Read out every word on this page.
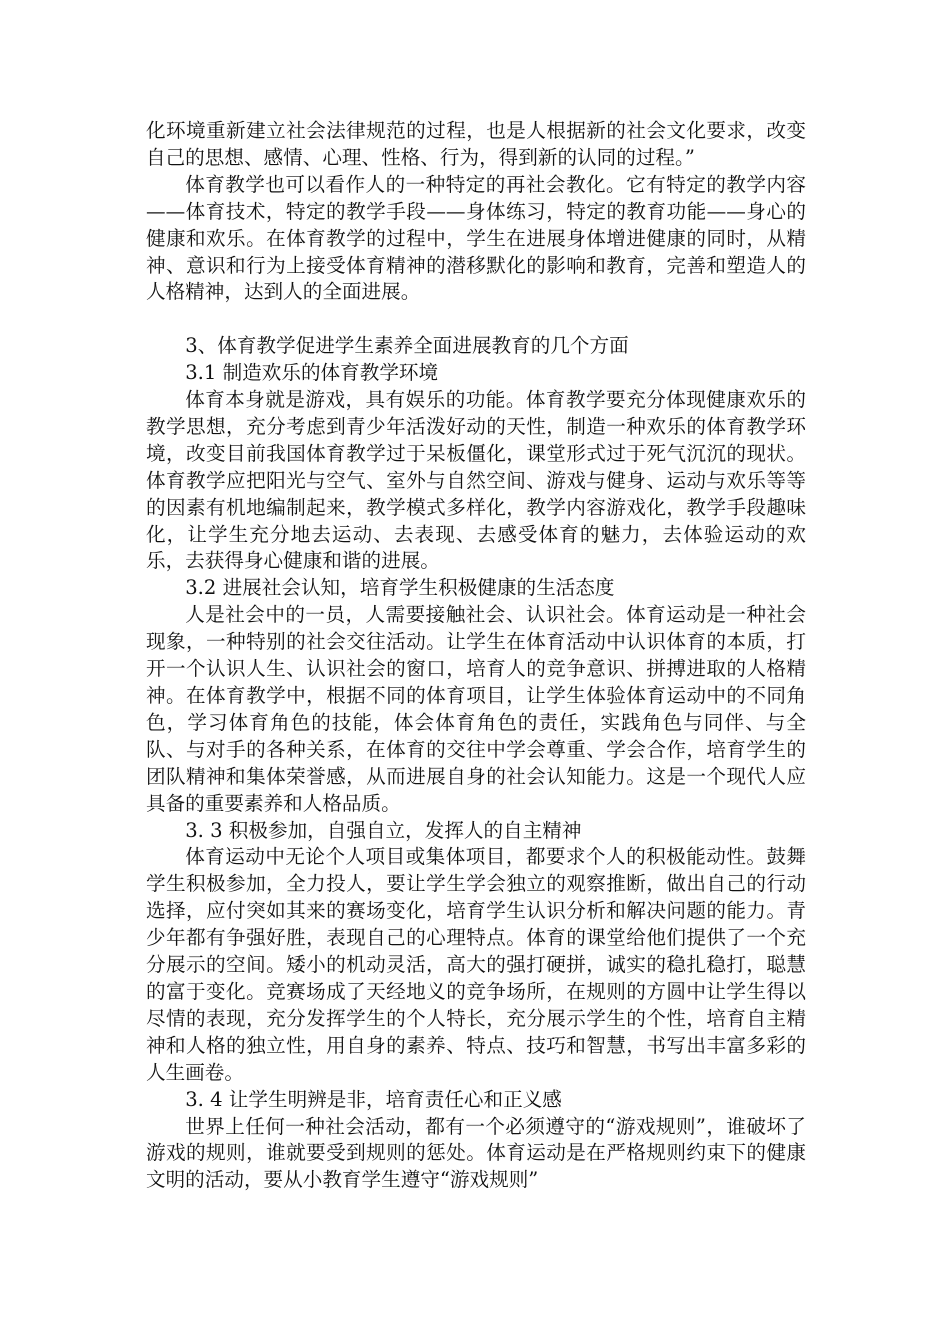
化环境重新建立社会法律规范的过程，也是人根据新的社会文化要求，改变自己的思想、感情、心理、性格、行为，得到新的认同的过程。”

体育教学也可以看作人的一种特定的再社会教化。它有特定的教学内容——体育技术，特定的教学手段——身体练习，特定的教育功能——身心的健康和欢乐。在体育教学的过程中，学生在进展身体增进健康的同时，从精神、意识和行为上接受体育精神的潜移默化的影响和教育，完善和塑造人的人格精神，达到人的全面进展。

3、体育教学促进学生素养全面进展教育的几个方面
3.1 制造欢乐的体育教学环境

体育本身就是游戏，具有娱乐的功能。体育教学要充分体现健康欢乐的教学思想，充分考虑到青少年活泼好动的天性，制造一种欢乐的体育教学环境，改变目前我国体育教学过于呆板僵化，课堂形式过于死气沉沉的现状。体育教学应把阳光与空气、室外与自然空间、游戏与健身、运动与欢乐等等的因素有机地编制起来，教学模式多样化，教学内容游戏化，教学手段趣味化，让学生充分地去运动、去表现、去感受体育的魅力，去体验运动的欢乐，去获得身心健康和谐的进展。

3.2 进展社会认知，培育学生积极健康的生活态度

人是社会中的一员，人需要接触社会、认识社会。体育运动是一种社会现象，一种特别的社会交往活动。让学生在体育活动中认识体育的本质，打开一个认识人生、认识社会的窗口，培育人的竞争意识、拼搏进取的人格精神。在体育教学中，根据不同的体育项目，让学生体验体育运动中的不同角色，学习体育角色的技能，体会体育角色的责任，实践角色与同伴、与全队、与对手的各种关系，在体育的交往中学会尊重、学会合作，培育学生的团队精神和集体荣誉感，从而进展自身的社会认知能力。这是一个现代人应具备的重要素养和人格品质。

3. 3 积极参加，自强自立，发挥人的自主精神

体育运动中无论个人项目或集体项目，都要求个人的积极能动性。鼓舞学生积极参加，全力投人，要让学生学会独立的观察推断，做出自己的行动选择，应付突如其来的赛场变化，培育学生认识分析和解决问题的能力。青少年都有争强好胜，表现自己的心理特点。体育的课堂给他们提供了一个充分展示的空间。矮小的机动灵活，高大的强打硬拼，诚实的稳扎稳打，聪慧的富于变化。竞赛场成了天经地义的竞争场所，在规则的方圆中让学生得以尽情的表现，充分发挥学生的个人特长，充分展示学生的个性，培育自主精神和人格的独立性，用自身的素养、特点、技巧和智慧，书写出丰富多彩的人生画卷。

3. 4 让学生明辨是非，培育责任心和正义感

世界上任何一种社会活动，都有一个必须遵守的“游戏规则”，谁破坏了游戏的规则，谁就要受到规则的惩处。体育运动是在严格规则约束下的健康文明的活动，要从小教育学生遵守“游戏规则”
